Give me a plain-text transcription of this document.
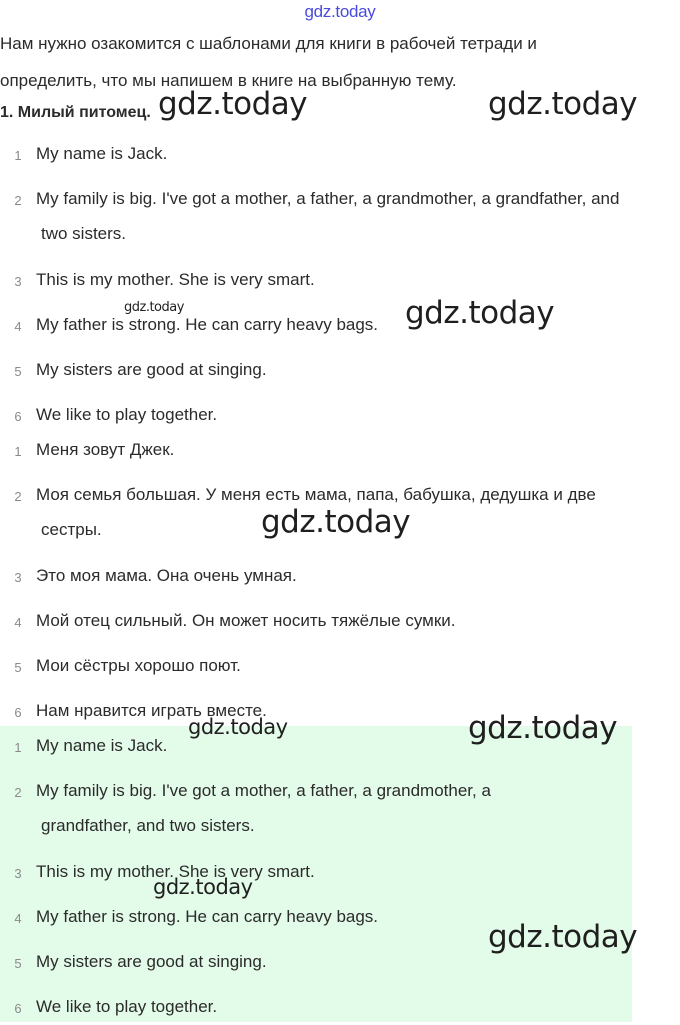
gdz.today
Нам нужно озакомится с шаблонами для книги в рабочей тетради и
определить, что мы напишем в книге на выбранную тему.
1. Милый питомец.
1 My name is Jack.
2 My family is big. I've got a mother, a father, a grandmother, a grandfather, and
two sisters.
3 This is my mother. She is very smart.
4 My father is strong. He can carry heavy bags.
5 My sisters are good at singing.
6 We like to play together.
1 Меня зовут Джек.
2 Моя семья большая. У меня есть мама, папа, бабушка, дедушка и две
сестры.
3 Это моя мама. Она очень умная.
4 Мой отец сильный. Он может носить тяжёлые сумки.
5 Мои сёстры хорошо поют.
6 Нам нравится играть вместе.
1 My name is Jack.
2 My family is big. I've got a mother, a father, a grandmother, a
grandfather, and two sisters.
3 This is my mother. She is very smart.
4 My father is strong. He can carry heavy bags.
5 My sisters are good at singing.
6 We like to play together.
gdz.today	gdz.today
gdz.today	gdz.today
gdz.today
gdz.today	gdz.today
gdz.today
gdz.today
